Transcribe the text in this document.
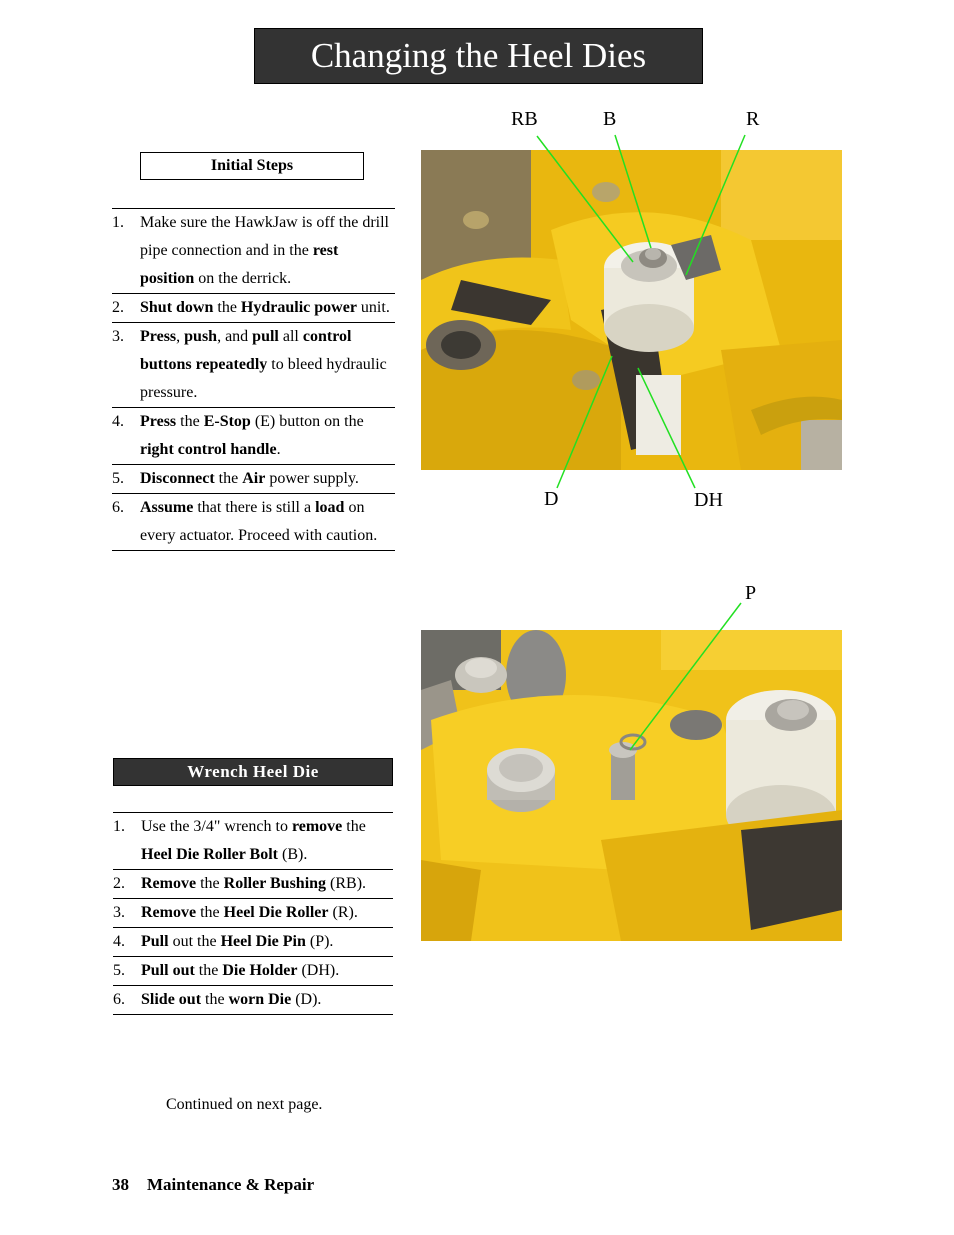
Changing the Heel Dies
Initial Steps
1. Make sure the HawkJaw is off the drill pipe connection and in the rest position on the derrick.
2. Shut down the Hydraulic power unit.
3. Press, push, and pull all control buttons repeatedly to bleed hydraulic pressure.
4. Press the E-Stop (E) button on the right control handle.
5. Disconnect the Air power supply.
6. Assume that there is still a load on every actuator. Proceed with caution.
Wrench Heel Die
1. Use the 3/4" wrench to remove the Heel Die Roller Bolt (B).
2. Remove the Roller Bushing (RB).
3. Remove the Heel Die Roller (R).
4. Pull out the Heel Die Pin (P).
5. Pull out the Die Holder (DH).
6. Slide out the worn Die (D).
Continued on next page.
38 Maintenance & Repair
RB	B	R
D	DH
P
